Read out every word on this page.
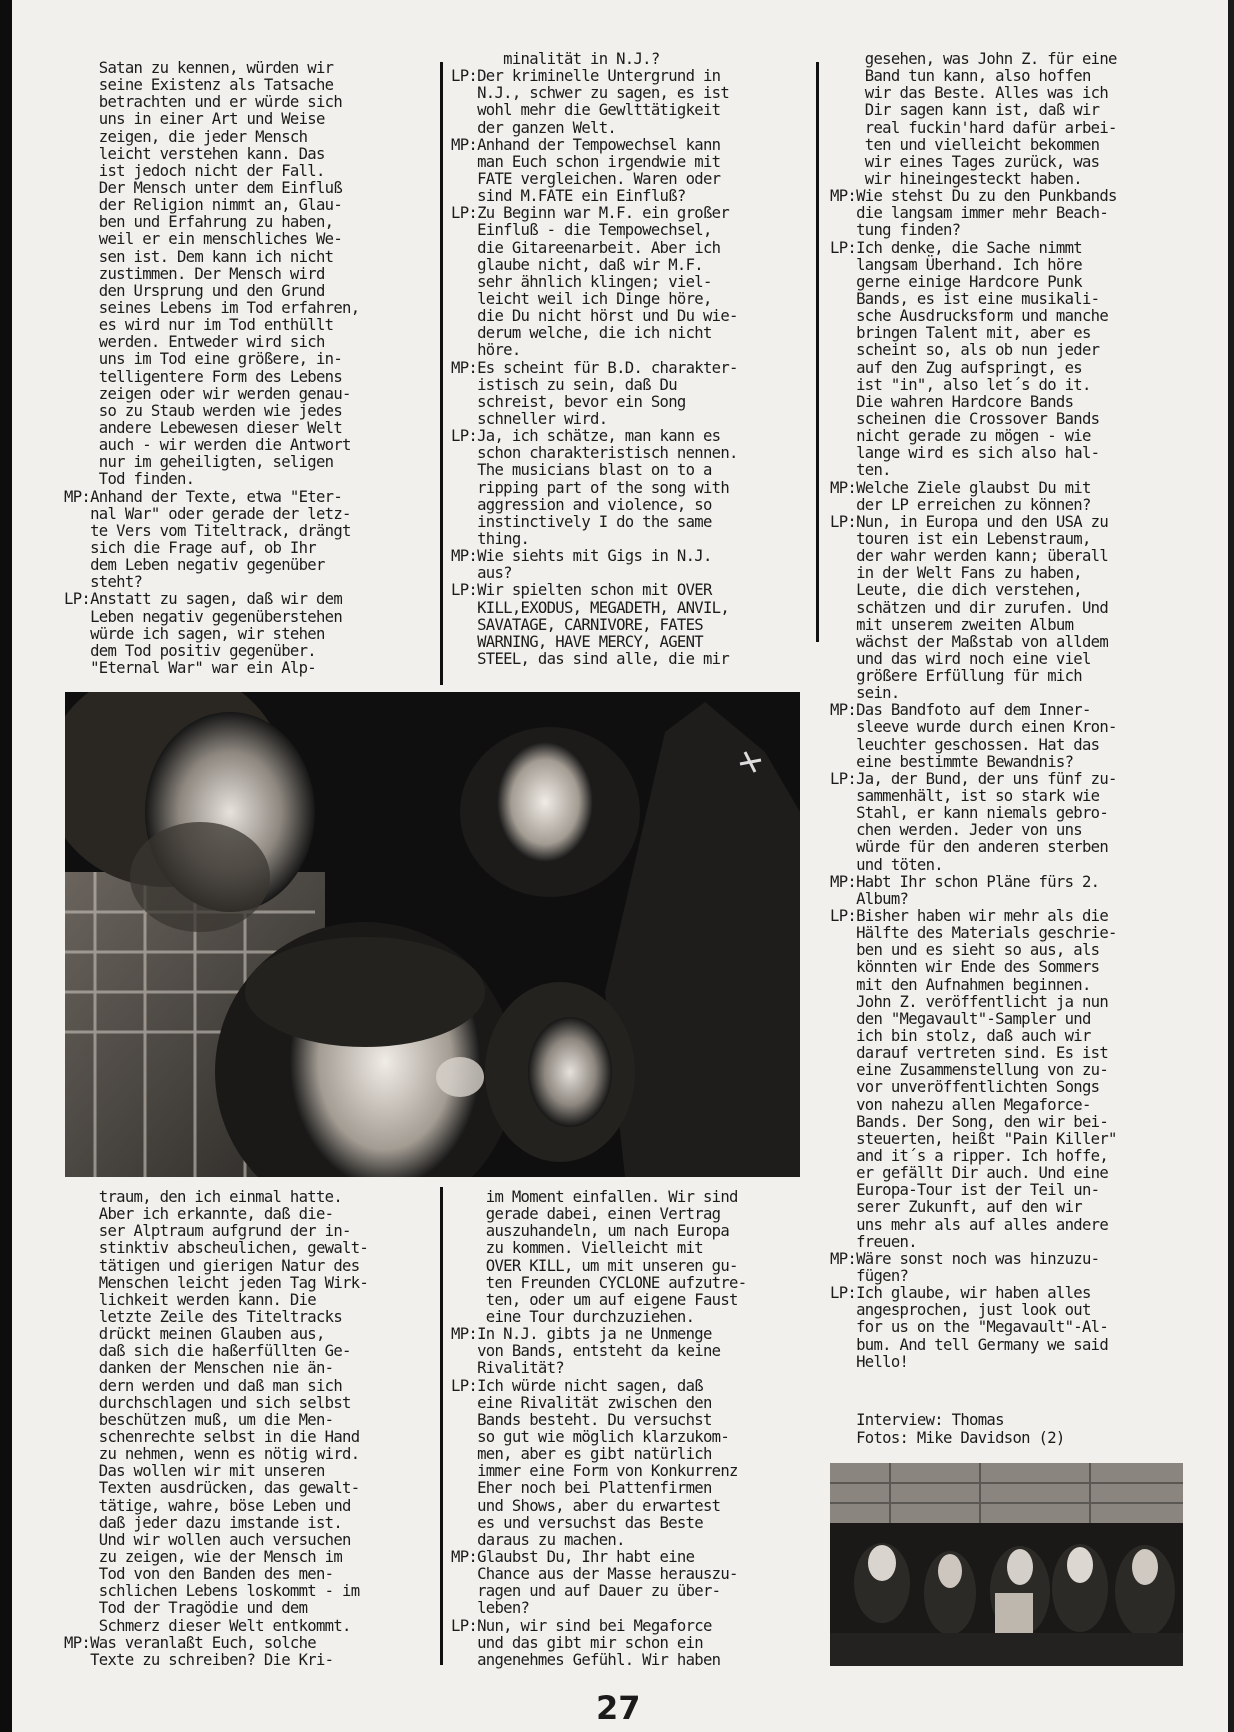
Satan zu kennen, würden wir
seine Existenz als Tatsache
betrachten und er würde sich
uns in einer Art und Weise
zeigen, die jeder Mensch
leicht verstehen kann. Das
ist jedoch nicht der Fall.
Der Mensch unter dem Einfluß
der Religion nimmt an, Glau-
ben und Erfahrung zu haben,
weil er ein menschliches We-
sen ist. Dem kann ich nicht
zustimmen. Der Mensch wird
den Ursprung und den Grund
seines Lebens im Tod erfahren,
es wird nur im Tod enthüllt
werden. Entweder wird sich
uns im Tod eine größere, in-
telligentere Form des Lebens
zeigen oder wir werden genau-
so zu Staub werden wie jedes
andere Lebewesen dieser Welt
auch - wir werden die Antwort
nur im geheiligten, seligen
Tod finden.
MP:Anhand der Texte, etwa "Eter-
nal War" oder gerade der letz-
te Vers vom Titeltrack, drängt
sich die Frage auf, ob Ihr
dem Leben negativ gegenüber
steht?
LP:Anstatt zu sagen, daß wir dem
Leben negativ gegenüberstehen
würde ich sagen, wir stehen
dem Tod positiv gegenüber.
"Eternal War" war ein Alp-
minalität in N.J.?
LP:Der kriminelle Untergrund in
N.J., schwer zu sagen, es ist
wohl mehr die Gewlttätigkeit
der ganzen Welt.
MP:Anhand der Tempowechsel kann
man Euch schon irgendwie mit
FATE vergleichen. Waren oder
sind M.FATE ein Einfluß?
LP:Zu Beginn war M.F. ein großer
Einfluß - die Tempowechsel,
die Gitareenarbeit. Aber ich
glaube nicht, daß wir M.F.
sehr ähnlich klingen; viel-
leicht weil ich Dinge höre,
die Du nicht hörst und Du wie-
derum welche, die ich nicht
höre.
MP:Es scheint für B.D. charakter-
istisch zu sein, daß Du
schreist, bevor ein Song
schneller wird.
LP:Ja, ich schätze, man kann es
schon charakteristisch nennen.
The musicians blast on to a
ripping part of the song with
aggression and violence, so
instinctively I do the same
thing.
MP:Wie siehts mit Gigs in N.J.
aus?
LP:Wir spielten schon mit OVER
KILL,EXODUS, MEGADETH, ANVIL,
SAVATAGE, CARNIVORE, FATES
WARNING, HAVE MERCY, AGENT
STEEL, das sind alle, die mir
traum, den ich einmal hatte.
Aber ich erkannte, daß die-
ser Alptraum aufgrund der in-
stinktiv abscheulichen, gewalt-
tätigen und gierigen Natur des
Menschen leicht jeden Tag Wirk-
lichkeit werden kann. Die
letzte Zeile des Titeltracks
drückt meinen Glauben aus,
daß sich die haßerfüllten Ge-
danken der Menschen nie än-
dern werden und daß man sich
durchschlagen und sich selbst
beschützen muß, um die Men-
schenrechte selbst in die Hand
zu nehmen, wenn es nötig wird.
Das wollen wir mit unseren
Texten ausdrücken, das gewalt-
tätige, wahre, böse Leben und
daß jeder dazu imstande ist.
Und wir wollen auch versuchen
zu zeigen, wie der Mensch im
Tod von den Banden des men-
schlichen Lebens loskommt - im
Tod der Tragödie und dem
Schmerz dieser Welt entkommt.
MP:Was veranlaßt Euch, solche
Texte zu schreiben? Die Kri-
im Moment einfallen. Wir sind
gerade dabei, einen Vertrag
auszuhandeln, um nach Europa
zu kommen. Vielleicht mit
OVER KILL, um mit unseren gu-
ten Freunden CYCLONE aufzutre-
ten, oder um auf eigene Faust
eine Tour durchzuziehen.
MP:In N.J. gibts ja ne Unmenge
von Bands, entsteht da keine
Rivalität?
LP:Ich würde nicht sagen, daß
eine Rivalität zwischen den
Bands besteht. Du versuchst
so gut wie möglich klarzukom-
men, aber es gibt natürlich
immer eine Form von Konkurrenz
Eher noch bei Plattenfirmen
und Shows, aber du erwartest
es und versuchst das Beste
daraus zu machen.
MP:Glaubst Du, Ihr habt eine
Chance aus der Masse herauszu-
ragen und auf Dauer zu über-
leben?
LP:Nun, wir sind bei Megaforce
und das gibt mir schon ein
angenehmes Gefühl. Wir haben
gesehen, was John Z. für eine
Band tun kann, also hoffen
wir das Beste. Alles was ich
Dir sagen kann ist, daß wir
real fuckin'hard dafür arbei-
ten und vielleicht bekommen
wir eines Tages zurück, was
wir hineingesteckt haben.
MP:Wie stehst Du zu den Punkbands
die langsam immer mehr Beach-
tung finden?
LP:Ich denke, die Sache nimmt
langsam Überhand. Ich höre
gerne einige Hardcore Punk
Bands, es ist eine musikali-
sche Ausdrucksform und manche
bringen Talent mit, aber es
scheint so, als ob nun jeder
auf den Zug aufspringt, es
ist "in", also let´s do it.
Die wahren Hardcore Bands
scheinen die Crossover Bands
nicht gerade zu mögen - wie
lange wird es sich also hal-
ten.
MP:Welche Ziele glaubst Du mit
der LP erreichen zu können?
LP:Nun, in Europa und den USA zu
touren ist ein Lebenstraum,
der wahr werden kann; überall
in der Welt Fans zu haben,
Leute, die dich verstehen,
schätzen und dir zurufen. Und
mit unserem zweiten Album
wächst der Maßstab von alldem
und das wird noch eine viel
größere Erfüllung für mich
sein.
MP:Das Bandfoto auf dem Inner-
sleeve wurde durch einen Kron-
leuchter geschossen. Hat das
eine bestimmte Bewandnis?
LP:Ja, der Bund, der uns fünf zu-
sammenhält, ist so stark wie
Stahl, er kann niemals gebro-
chen werden. Jeder von uns
würde für den anderen sterben
und töten.
MP:Habt Ihr schon Pläne fürs 2.
Album?
LP:Bisher haben wir mehr als die
Hälfte des Materials geschrie-
ben und es sieht so aus, als
könnten wir Ende des Sommers
mit den Aufnahmen beginnen.
John Z. veröffentlicht ja nun
den "Megavault"-Sampler und
ich bin stolz, daß auch wir
darauf vertreten sind. Es ist
eine Zusammenstellung von zu-
vor unveröffentlichten Songs
von nahezu allen Megaforce-
Bands. Der Song, den wir bei-
steuerten, heißt "Pain Killer"
and it´s a ripper. Ich hoffe,
er gefällt Dir auch. Und eine
Europa-Tour ist der Teil un-
serer Zukunft, auf den wir
uns mehr als auf alles andere
freuen.
MP:Wäre sonst noch was hinzuzu-
fügen?
LP:Ich glaube, wir haben alles
angesprochen, just look out
for us on the "Megavault"-Al-
bum. And tell Germany we said
Hello!
Interview: Thomas
Fotos: Mike Davidson (2)
27
